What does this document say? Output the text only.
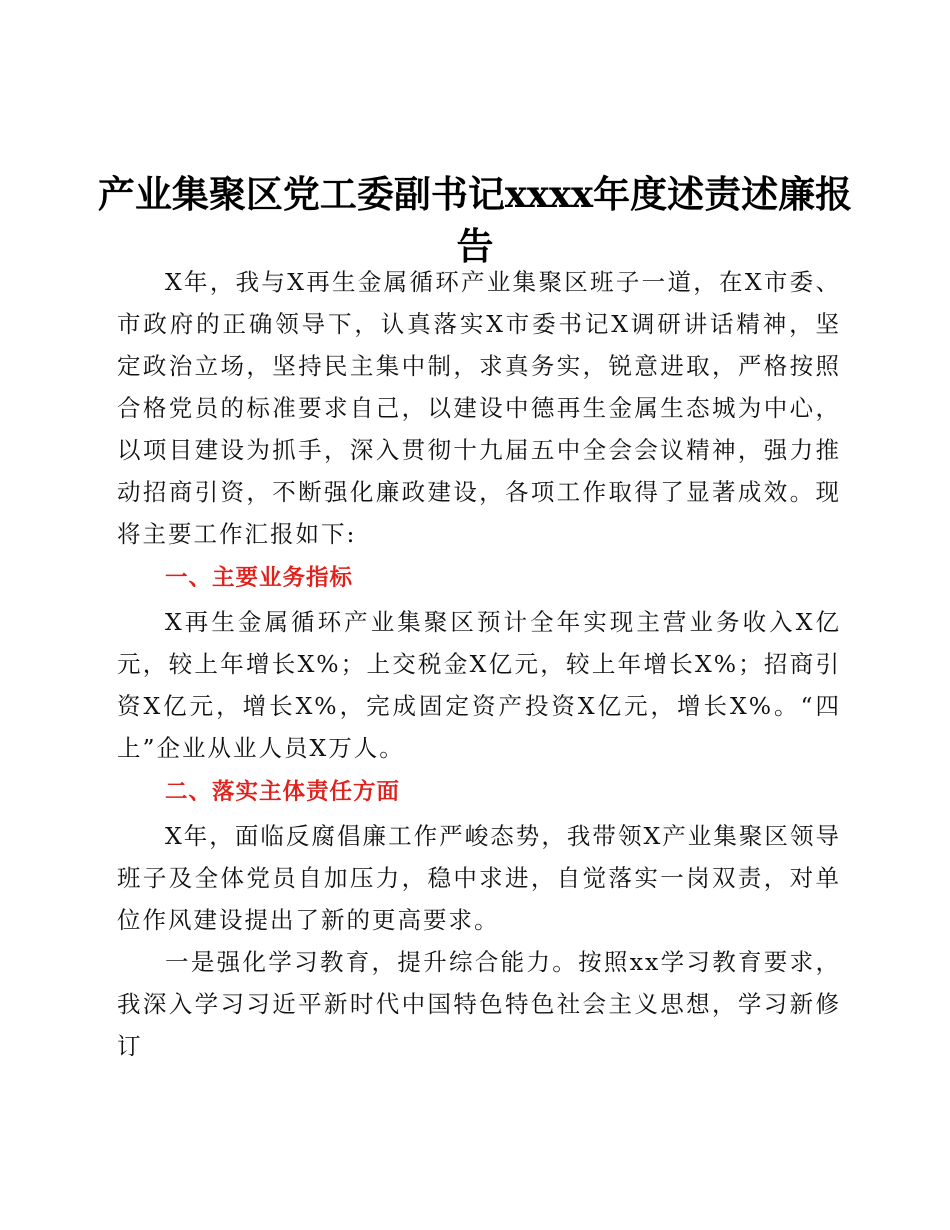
产业集聚区党工委副书记xxxx年度述责述廉报
告

X年，我与X再生金属循环产业集聚区班子一道，在X市委、市政府的正确领导下，认真落实X市委书记X调研讲话精神，坚定政治立场，坚持民主集中制，求真务实，锐意进取，严格按照合格党员的标准要求自己，以建设中德再生金属生态城为中心，以项目建设为抓手，深入贯彻十九届五中全会会议精神，强力推动招商引资，不断强化廉政建设，各项工作取得了显著成效。现将主要工作汇报如下:

一、主要业务指标

X再生金属循环产业集聚区预计全年实现主营业务收入X亿元，较上年增长X%；上交税金X亿元，较上年增长X%；招商引资X亿元，增长X%，完成固定资产投资X亿元，增长X%。“四上”企业从业人员X万人。

二、落实主体责任方面

X年，面临反腐倡廉工作严峻态势，我带领X产业集聚区领导班子及全体党员自加压力，稳中求进，自觉落实一岗双责，对单位作风建设提出了新的更高要求。

一是强化学习教育，提升综合能力。按照xx学习教育要求，我深入学习习近平新时代中国特色特色社会主义思想，学习新修订
